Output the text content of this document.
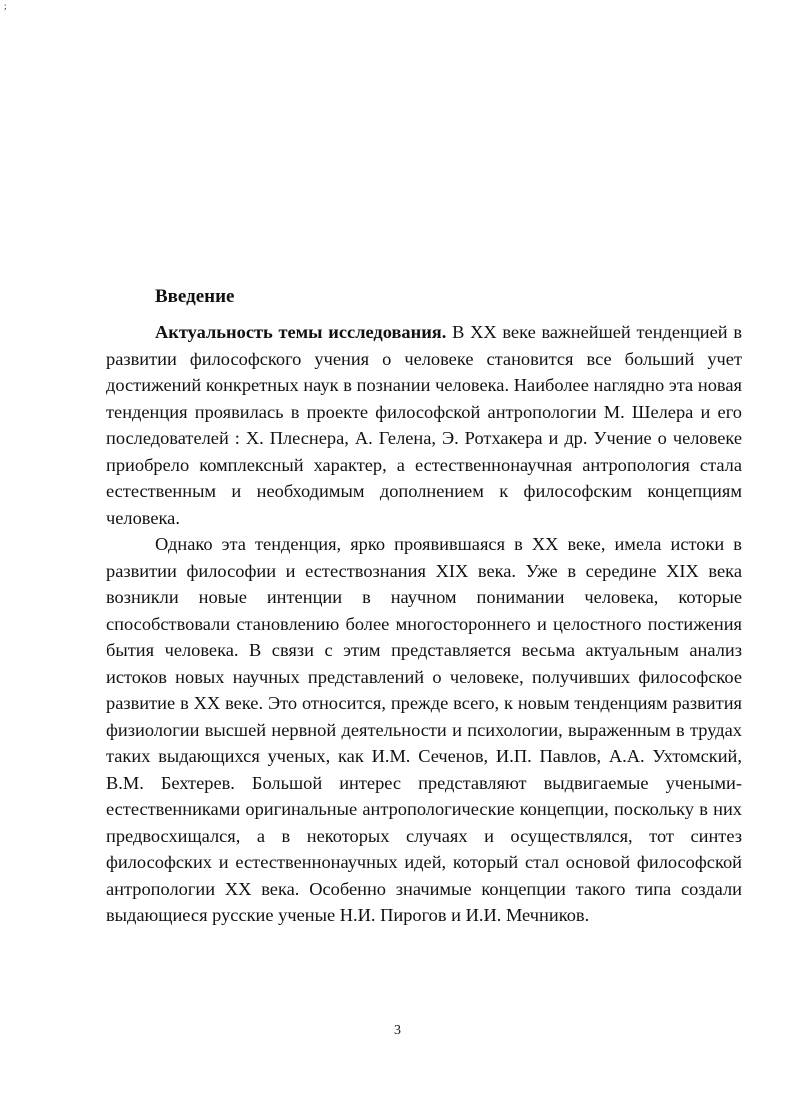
;
Введение

Актуальность темы исследования. В XX веке важнейшей тенденцией в развитии философского учения о человеке становится все больший учет достижений конкретных наук в познании человека. Наиболее наглядно эта новая тенденция проявилась в проекте философской антропологии М. Шелера и его последователей : X. Плеснера, А. Гелена, Э. Ротхакера и др. Учение о человеке приобрело комплексный характер, а естественнонаучная антропология стала естественным и необходимым дополнением к философским концепциям человека.

Однако эта тенденция, ярко проявившаяся в XX веке, имела истоки в развитии философии и естествознания XIX века. Уже в середине XIX века возникли новые интенции в научном понимании человека, которые способствовали становлению более многостороннего и целостного постижения бытия человека. В связи с этим представляется весьма актуальным анализ истоков новых научных представлений о человеке, получивших философское развитие в XX веке. Это относится, прежде всего, к новым тенденциям развития физиологии высшей нервной деятельности и психологии, выраженным в трудах таких выдающихся ученых, как И.М. Сеченов, И.П. Павлов, А.А. Ухтомский, В.М. Бехтерев. Большой интерес представляют выдвигаемые учеными-естественниками оригинальные антропологические концепции, поскольку в них предвосхищался, а в некоторых случаях и осуществлялся, тот синтез философских и естественнонаучных идей, который стал основой философской антропологии XX века. Особенно значимые концепции такого типа создали выдающиеся русские ученые Н.И. Пирогов и И.И. Мечников.

3
